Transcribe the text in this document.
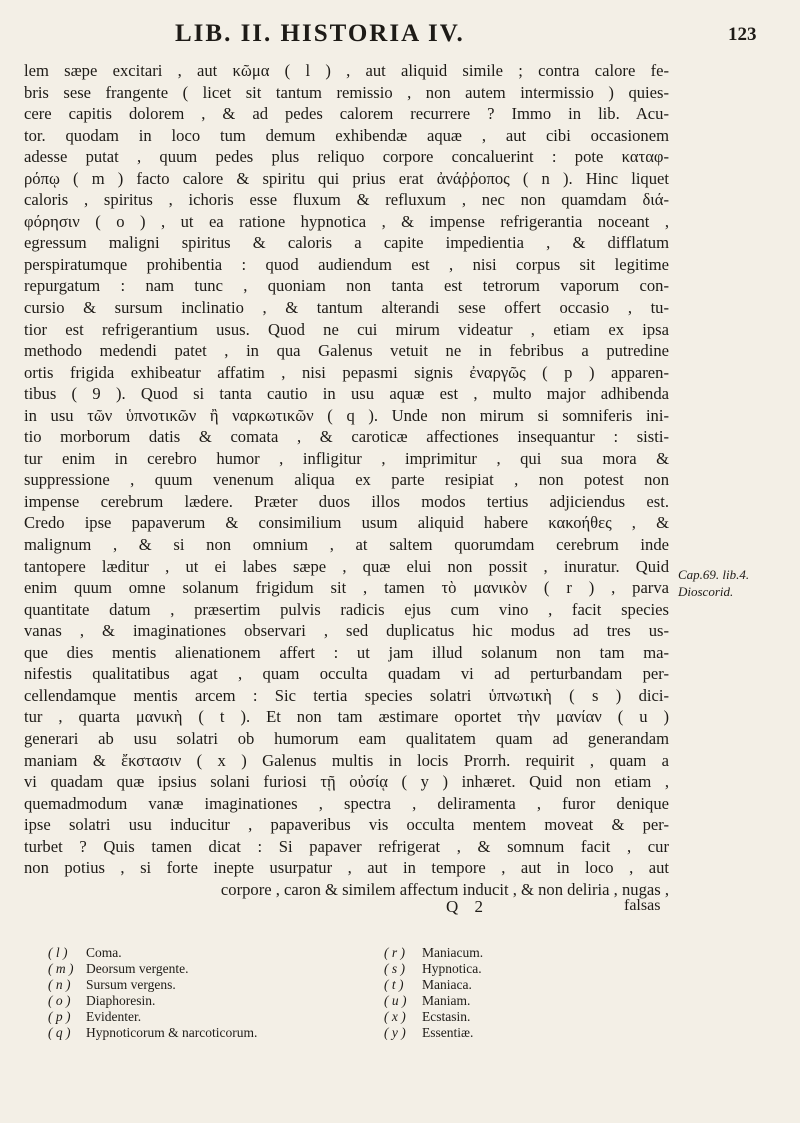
LIB. II. HISTORIA IV.	123
lem sæpe excitari , aut κῶμα ( l ) , aut aliquid simile ; contra calore fe-
bris sese frangente ( licet sit tantum remissio , non autem intermissio ) quies-
cere capitis dolorem , & ad pedes calorem recurrere ? Immo in lib. Acu-
tor. quodam in loco tum demum exhibendæ aquæ , aut cibi occasionem
adesse putat , quum pedes plus reliquo corpore concaluerint : pote καταφ-
ρόπῳ ( m ) facto calore & spiritu qui prius erat ἀνάῤῥοπος ( n ). Hinc liquet
caloris , spiritus , ichoris esse fluxum & refluxum , nec non quamdam διά-
φόρησιν ( o ) , ut ea ratione hypnotica , & impense refrigerantia noceant ,
egressum maligni spiritus & caloris a capite impedientia , & difflatum
perspiratumque prohibentia : quod audiendum est , nisi corpus sit legitime
repurgatum : nam tunc , quoniam non tanta est tetrorum vaporum con-
cursio & sursum inclinatio , & tantum alterandi sese offert occasio , tu-
tior est refrigerantium usus. Quod ne cui mirum videatur , etiam ex ipsa
methodo medendi patet , in qua Galenus vetuit ne in febribus a putredine
ortis frigida exhibeatur affatim , nisi pepasmi signis ἐναργῶς ( p ) apparen-
tibus ( 9 ). Quod si tanta cautio in usu aquæ est , multo major adhibenda
in usu τῶν ὑπνοτικῶν ἢ ναρκωτικῶν ( q ). Unde non mirum si somniferis ini-
tio morborum datis & comata , & caroticæ affectiones insequantur : sisti-
tur enim in cerebro humor , infligitur , imprimitur , qui sua mora &
suppressione , quum venenum aliqua ex parte resipiat , non potest non
impense cerebrum lædere. Præter duos illos modos tertius adjiciendus est.
Credo ipse papaverum & consimilium usum aliquid habere κακοήθες , &
malignum , & si non omnium , at saltem quorumdam cerebrum inde
tantopere læditur , ut ei labes sæpe , quæ elui non possit , inuratur. Quid
enim quum omne solanum frigidum sit , tamen τὸ μανικὸν ( r ) , parva
quantitate datum , præsertim pulvis radicis ejus cum vino , facit species
vanas , & imaginationes observari , sed duplicatus hic modus ad tres us-
que dies mentis alienationem affert : ut jam illud solanum non tam ma-
nifestis qualitatibus agat , quam occulta quadam vi ad perturbandam per-
cellendamque mentis arcem : Sic tertia species solatri ὑπνωτικὴ ( s ) dici-
tur , quarta μανικὴ ( t ). Et non tam æstimare oportet τὴν μανίαν ( u )
generari ab usu solatri ob humorum eam qualitatem quam ad generandam
maniam & ἔκστασιν ( x ) Galenus multis in locis Prorrh. requirit , quam a
vi quadam quæ ipsius solani furiosi τῇ οὐσίᾳ ( y ) inhæret. Quid non etiam ,
quemadmodum vanæ imaginationes , spectra , deliramenta , furor denique
ipse solatri usu inducitur , papaveribus vis occulta mentem moveat & per-
turbet ? Quis tamen dicat : Si papaver refrigerat , & somnum facit , cur
non potius , si forte inepte usurpatur , aut in tempore , aut in loco , aut
corpore , caron & similem affectum inducit , & non deliria , nugas ,
Cap.69. lib.4.
Dioscorid.
Q 2	falsas
( l ) Coma.
( m ) Deorsum vergente.
( n ) Sursum vergens.
( o ) Diaphoresin.
( p ) Evidenter.
( q ) Hypnoticorum & narcoticorum.
( r ) Maniacum.
( s ) Hypnotica.
( t ) Maniaca.
( u ) Maniam.
( x ) Ecstasin.
( y ) Essentiæ.
